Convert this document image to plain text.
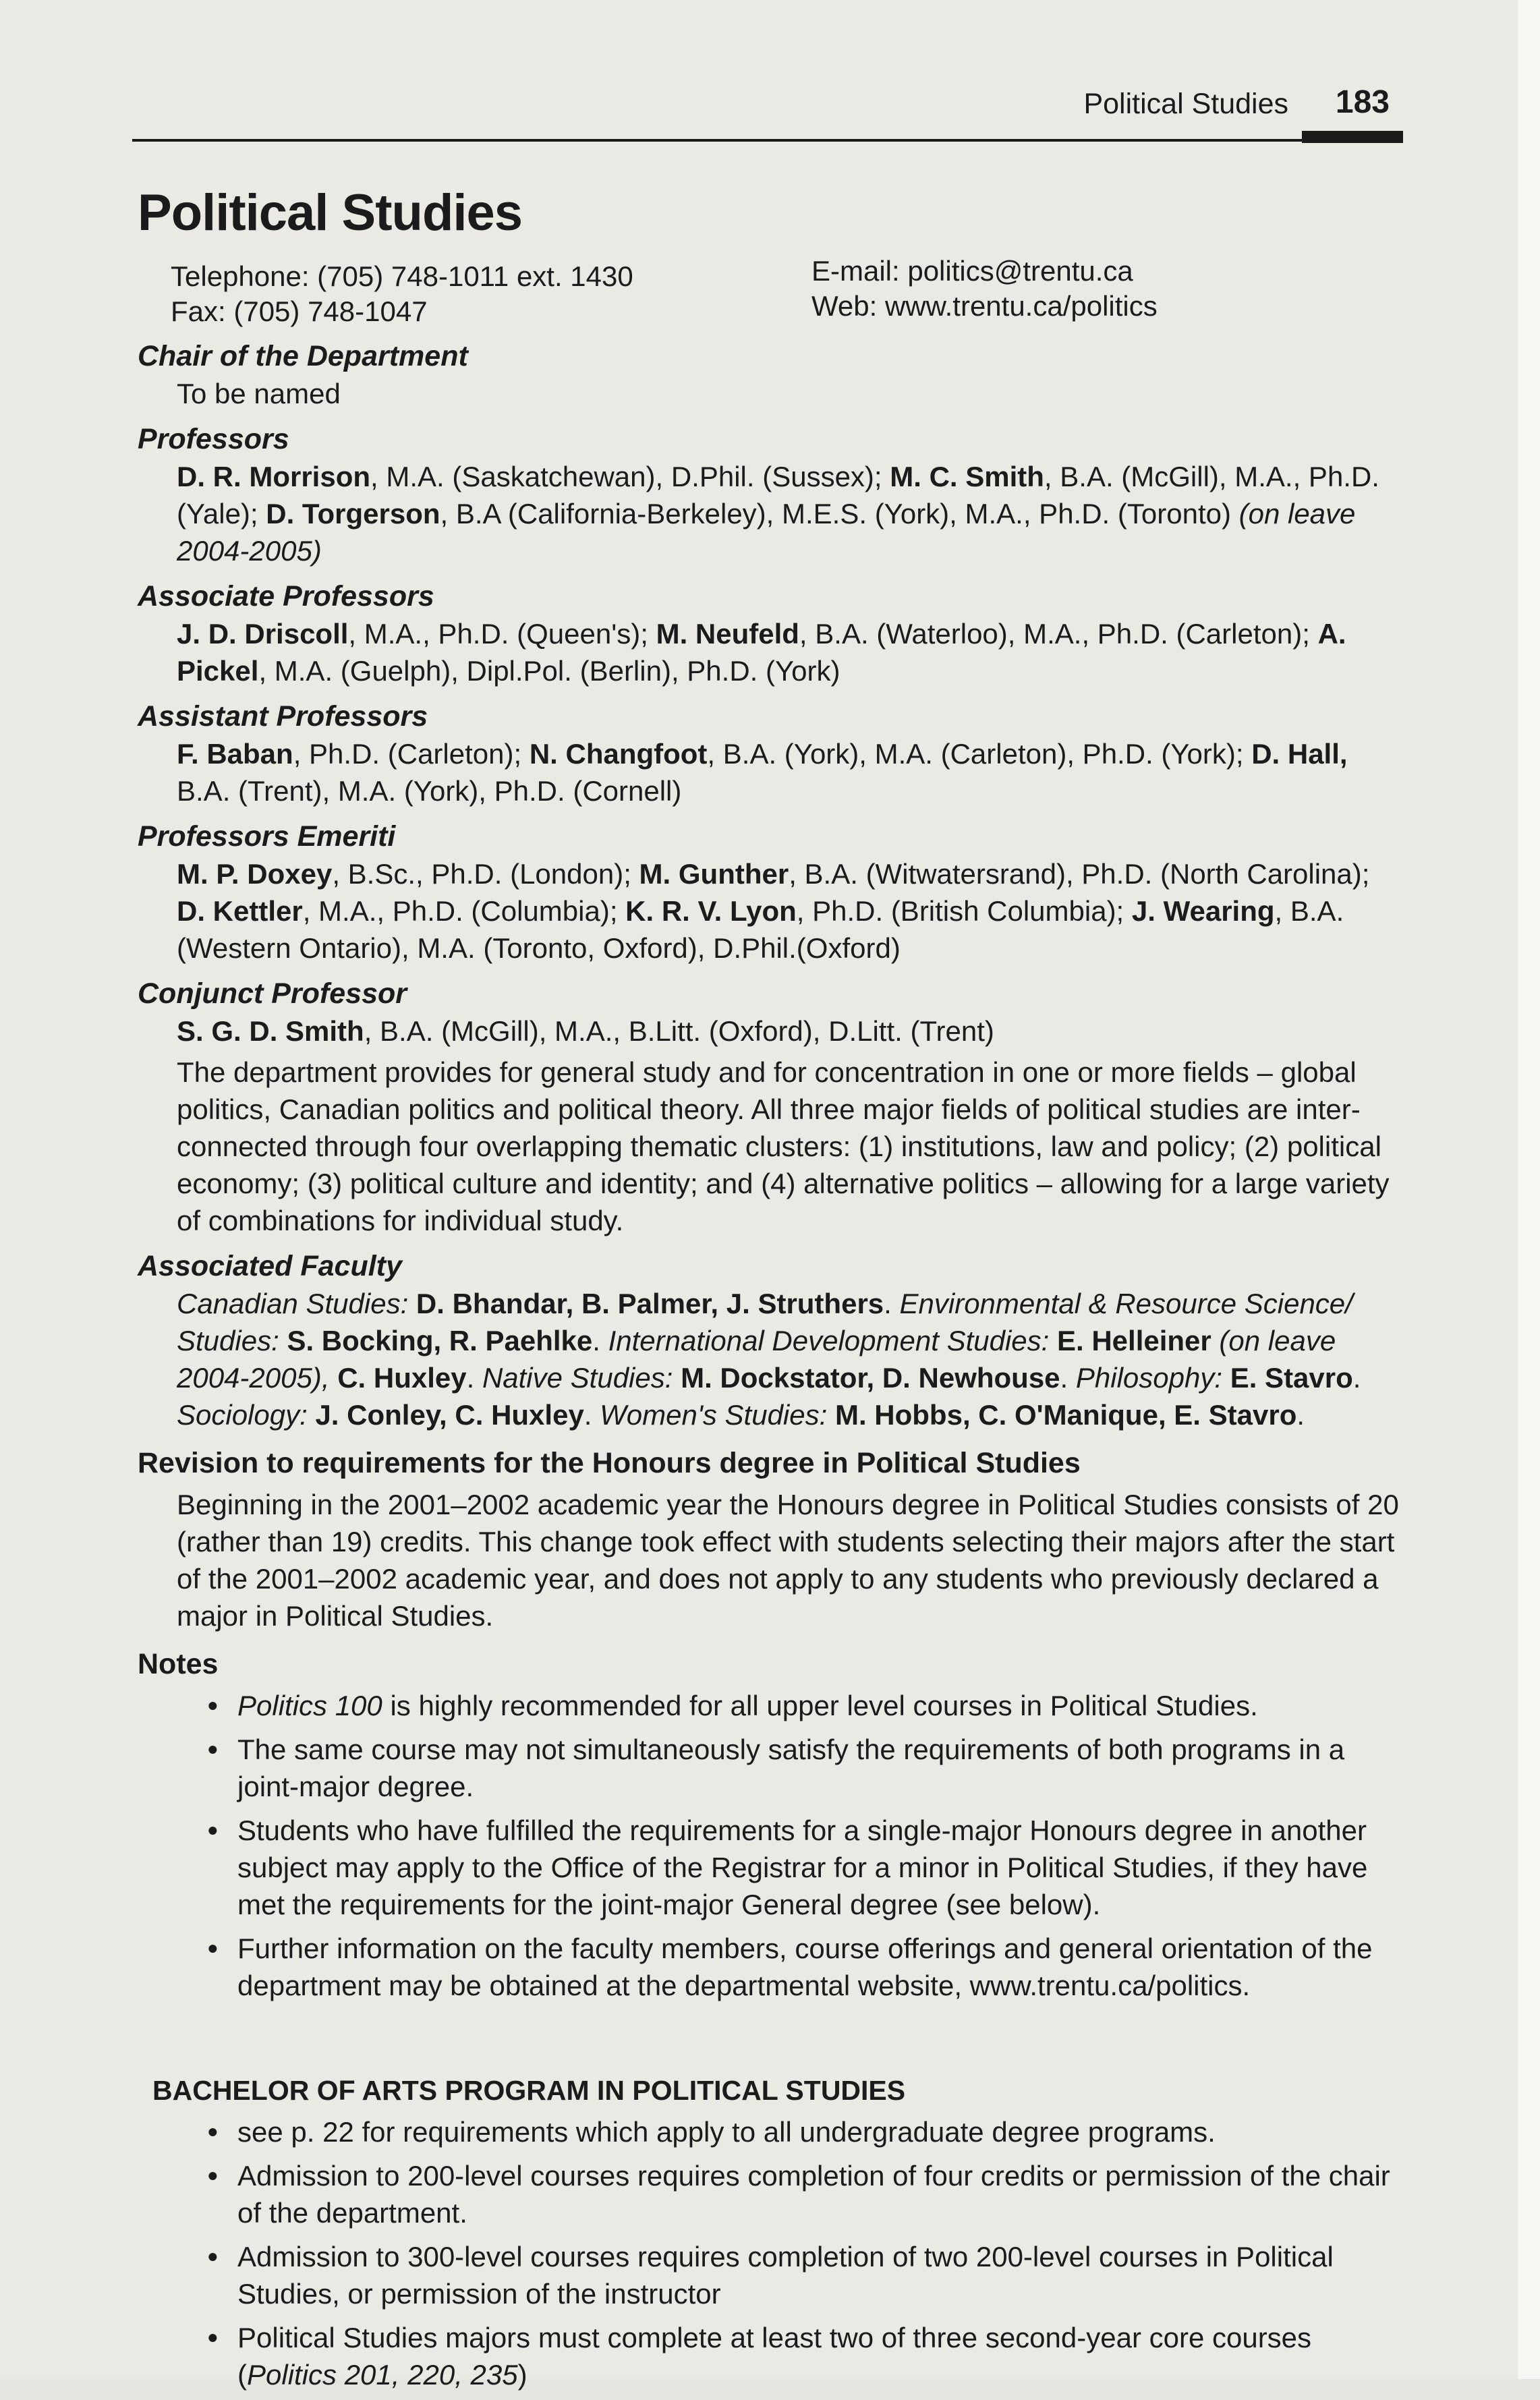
Political Studies 183
Political Studies
Telephone: (705) 748-1011 ext. 1430
Fax: (705) 748-1047
E-mail: politics@trentu.ca
Web: www.trentu.ca/politics
Chair of the Department
To be named
Professors
D. R. Morrison, M.A. (Saskatchewan), D.Phil. (Sussex); M. C. Smith, B.A. (McGill), M.A., Ph.D. (Yale); D. Torgerson, B.A (California-Berkeley), M.E.S. (York), M.A., Ph.D. (Toronto) (on leave 2004-2005)
Associate Professors
J. D. Driscoll, M.A., Ph.D. (Queen's); M. Neufeld, B.A. (Waterloo), M.A., Ph.D. (Carleton); A. Pickel, M.A. (Guelph), Dipl.Pol. (Berlin), Ph.D. (York)
Assistant Professors
F. Baban, Ph.D. (Carleton); N. Changfoot, B.A. (York), M.A. (Carleton), Ph.D. (York); D. Hall, B.A. (Trent), M.A. (York), Ph.D. (Cornell)
Professors Emeriti
M. P. Doxey, B.Sc., Ph.D. (London); M. Gunther, B.A. (Witwatersrand), Ph.D. (North Carolina); D. Kettler, M.A., Ph.D. (Columbia); K. R. V. Lyon, Ph.D. (British Columbia); J. Wearing, B.A. (Western Ontario), M.A. (Toronto, Oxford), D.Phil.(Oxford)
Conjunct Professor
S. G. D. Smith, B.A. (McGill), M.A., B.Litt. (Oxford), D.Litt. (Trent)
The department provides for general study and for concentration in one or more fields – global politics, Canadian politics and political theory. All three major fields of political studies are inter-connected through four overlapping thematic clusters: (1) institutions, law and policy; (2) political economy; (3) political culture and identity; and (4) alternative politics – allowing for a large variety of combinations for individual study.
Associated Faculty
Canadian Studies: D. Bhandar, B. Palmer, J. Struthers. Environmental & Resource Science/ Studies: S. Bocking, R. Paehlke. International Development Studies: E. Helleiner (on leave 2004-2005), C. Huxley. Native Studies: M. Dockstator, D. Newhouse. Philosophy: E. Stavro. Sociology: J. Conley, C. Huxley. Women's Studies: M. Hobbs, C. O'Manique, E. Stavro.
Revision to requirements for the Honours degree in Political Studies
Beginning in the 2001–2002 academic year the Honours degree in Political Studies consists of 20 (rather than 19) credits. This change took effect with students selecting their majors after the start of the 2001–2002 academic year, and does not apply to any students who previously declared a major in Political Studies.
Notes
• Politics 100 is highly recommended for all upper level courses in Political Studies.
• The same course may not simultaneously satisfy the requirements of both programs in a joint-major degree.
• Students who have fulfilled the requirements for a single-major Honours degree in another subject may apply to the Office of the Registrar for a minor in Political Studies, if they have met the requirements for the joint-major General degree (see below).
• Further information on the faculty members, course offerings and general orientation of the department may be obtained at the departmental website, www.trentu.ca/politics.
BACHELOR OF ARTS PROGRAM IN POLITICAL STUDIES
• see p. 22 for requirements which apply to all undergraduate degree programs.
• Admission to 200-level courses requires completion of four credits or permission of the chair of the department.
• Admission to 300-level courses requires completion of two 200-level courses in Political Studies, or permission of the instructor
• Political Studies majors must complete at least two of three second-year core courses (Politics 201, 220, 235)
